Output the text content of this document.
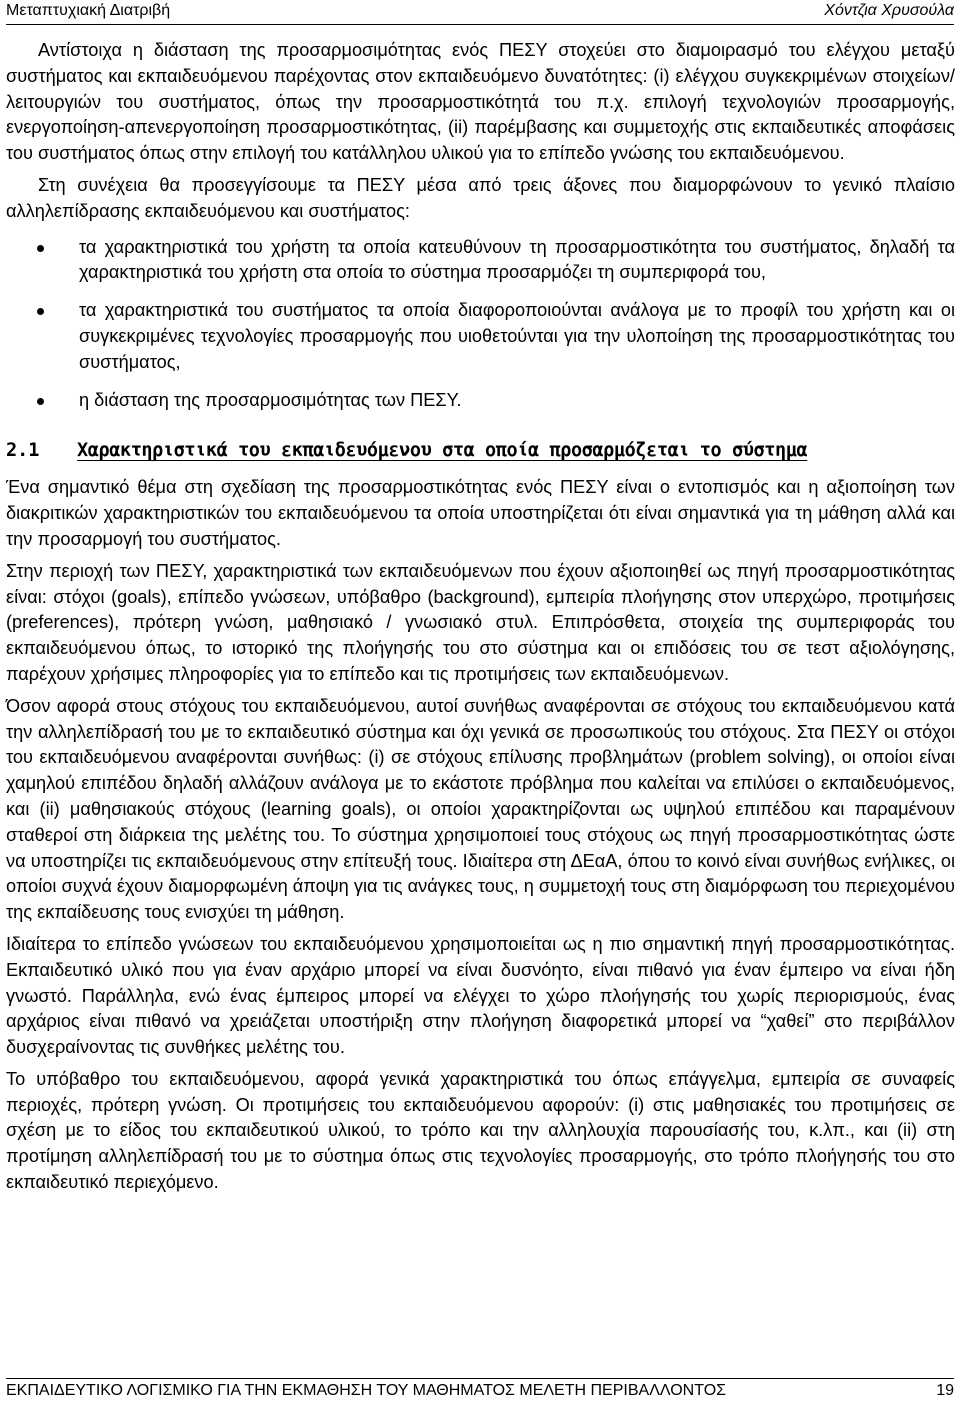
Μεταπτυχιακή Διατριβή	Χόντζια Χρυσούλα

Αντίστοιχα η διάσταση της προσαρμοσιμότητας ενός ΠΕΣΥ στοχεύει στο διαμοιρασμό του ελέγχου μεταξύ συστήματος και εκπαιδευόμενου παρέχοντας στον εκπαιδευόμενο δυνατότητες: (i) ελέγχου συγκεκριμένων στοιχείων/λειτουργιών του συστήματος, όπως την προσαρμοστικότητά του π.χ. επιλογή τεχνολογιών προσαρμογής, ενεργοποίηση-απενεργοποίηση προσαρμοστικότητας, (ii) παρέμβασης και συμμετοχής στις εκπαιδευτικές αποφάσεις του συστήματος όπως στην επιλογή του κατάλληλου υλικού για το επίπεδο γνώσης του εκπαιδευόμενου.

Στη συνέχεια θα προσεγγίσουμε τα ΠΕΣΥ μέσα από τρεις άξονες που διαμορφώνουν το γενικό πλαίσιο αλληλεπίδρασης εκπαιδευόμενου και συστήματος:

τα χαρακτηριστικά του χρήστη τα οποία κατευθύνουν τη προσαρμοστικότητα του συστήματος, δηλαδή τα χαρακτηριστικά του χρήστη στα οποία το σύστημα προσαρμόζει τη συμπεριφορά του,
τα χαρακτηριστικά του συστήματος τα οποία διαφοροποιούνται ανάλογα με το προφίλ του χρήστη και οι συγκεκριμένες τεχνολογίες προσαρμογής που υιοθετούνται για την υλοποίηση της προσαρμοστικότητας του συστήματος,
η διάσταση της προσαρμοσιμότητας των ΠΕΣΥ.
2.1	Χαρακτηριστικά του εκπαιδευόμενου στα οποία προσαρμόζεται το σύστημα

Ένα σημαντικό θέμα στη σχεδίαση της προσαρμοστικότητας ενός ΠΕΣΥ είναι ο εντοπισμός και η αξιοποίηση των διακριτικών χαρακτηριστικών του εκπαιδευόμενου τα οποία υποστηρίζεται ότι είναι σημαντικά για τη μάθηση αλλά και την προσαρμογή του συστήματος.

Στην περιοχή των ΠΕΣΥ, χαρακτηριστικά των εκπαιδευόμενων που έχουν αξιοποιηθεί ως πηγή προσαρμοστικότητας είναι: στόχοι (goals), επίπεδο γνώσεων, υπόβαθρο (background), εμπειρία πλοήγησης στον υπερχώρο, προτιμήσεις (preferences), πρότερη γνώση, μαθησιακό / γνωσιακό στυλ. Επιπρόσθετα, στοιχεία της συμπεριφοράς του εκπαιδευόμενου όπως, το ιστορικό της πλοήγησής του στο σύστημα και οι επιδόσεις του σε τεστ αξιολόγησης, παρέχουν χρήσιμες πληροφορίες για το επίπεδο και τις προτιμήσεις των εκπαιδευόμενων.

Όσον αφορά στους στόχους του εκπαιδευόμενου, αυτοί συνήθως αναφέρονται σε στόχους του εκπαιδευόμενου κατά την αλληλεπίδρασή του με το εκπαιδευτικό σύστημα και όχι γενικά σε προσωπικούς του στόχους. Στα ΠΕΣΥ οι στόχοι του εκπαιδευόμενου αναφέρονται συνήθως: (i) σε στόχους επίλυσης προβλημάτων (problem solving), οι οποίοι είναι χαμηλού επιπέδου δηλαδή αλλάζουν ανάλογα με το εκάστοτε πρόβλημα που καλείται να επιλύσει ο εκπαιδευόμενος, και (ii) μαθησιακούς στόχους (learning goals), οι οποίοι χαρακτηρίζονται ως υψηλού επιπέδου και παραμένουν σταθεροί στη διάρκεια της μελέτης του. Το σύστημα χρησιμοποιεί τους στόχους ως πηγή προσαρμοστικότητας ώστε να υποστηρίζει τις εκπαιδευόμενους στην επίτευξή τους. Ιδιαίτερα στη ΔΕαΑ, όπου το κοινό είναι συνήθως ενήλικες, οι οποίοι συχνά έχουν διαμορφωμένη άποψη για τις ανάγκες τους, η συμμετοχή τους στη διαμόρφωση του περιεχομένου της εκπαίδευσης τους ενισχύει τη μάθηση.

Ιδιαίτερα το επίπεδο γνώσεων του εκπαιδευόμενου χρησιμοποιείται ως η πιο σημαντική πηγή προσαρμοστικότητας. Εκπαιδευτικό υλικό που για έναν αρχάριο μπορεί να είναι δυσνόητο, είναι πιθανό για έναν έμπειρο να είναι ήδη γνωστό. Παράλληλα, ενώ ένας έμπειρος μπορεί να ελέγχει το χώρο πλοήγησής του χωρίς περιορισμούς, ένας αρχάριος είναι πιθανό να χρειάζεται υποστήριξη στην πλοήγηση διαφορετικά μπορεί να “χαθεί” στο περιβάλλον δυσχεραίνοντας τις συνθήκες μελέτης του.

Το υπόβαθρο του εκπαιδευόμενου, αφορά γενικά χαρακτηριστικά του όπως επάγγελμα, εμπειρία σε συναφείς περιοχές, πρότερη γνώση. Οι προτιμήσεις του εκπαιδευόμενου αφορούν: (i) στις μαθησιακές του προτιμήσεις σε σχέση με το είδος του εκπαιδευτικού υλικού, το τρόπο και την αλληλουχία παρουσίασής του, κ.λπ., και (ii) στη προτίμηση αλληλεπίδρασή του με το σύστημα όπως στις τεχνολογίες προσαρμογής, στο τρόπο πλοήγησής του στο εκπαιδευτικό περιεχόμενο.

ΕΚΠΑΙΔΕΥΤΙΚΟ ΛΟΓΙΣΜΙΚΟ ΓΙΑ ΤΗΝ ΕΚΜΑΘΗΣΗ ΤΟΥ ΜΑΘΗΜΑΤΟΣ ΜΕΛΕΤΗ ΠΕΡΙΒΑΛΛΟΝΤΟΣ	19
